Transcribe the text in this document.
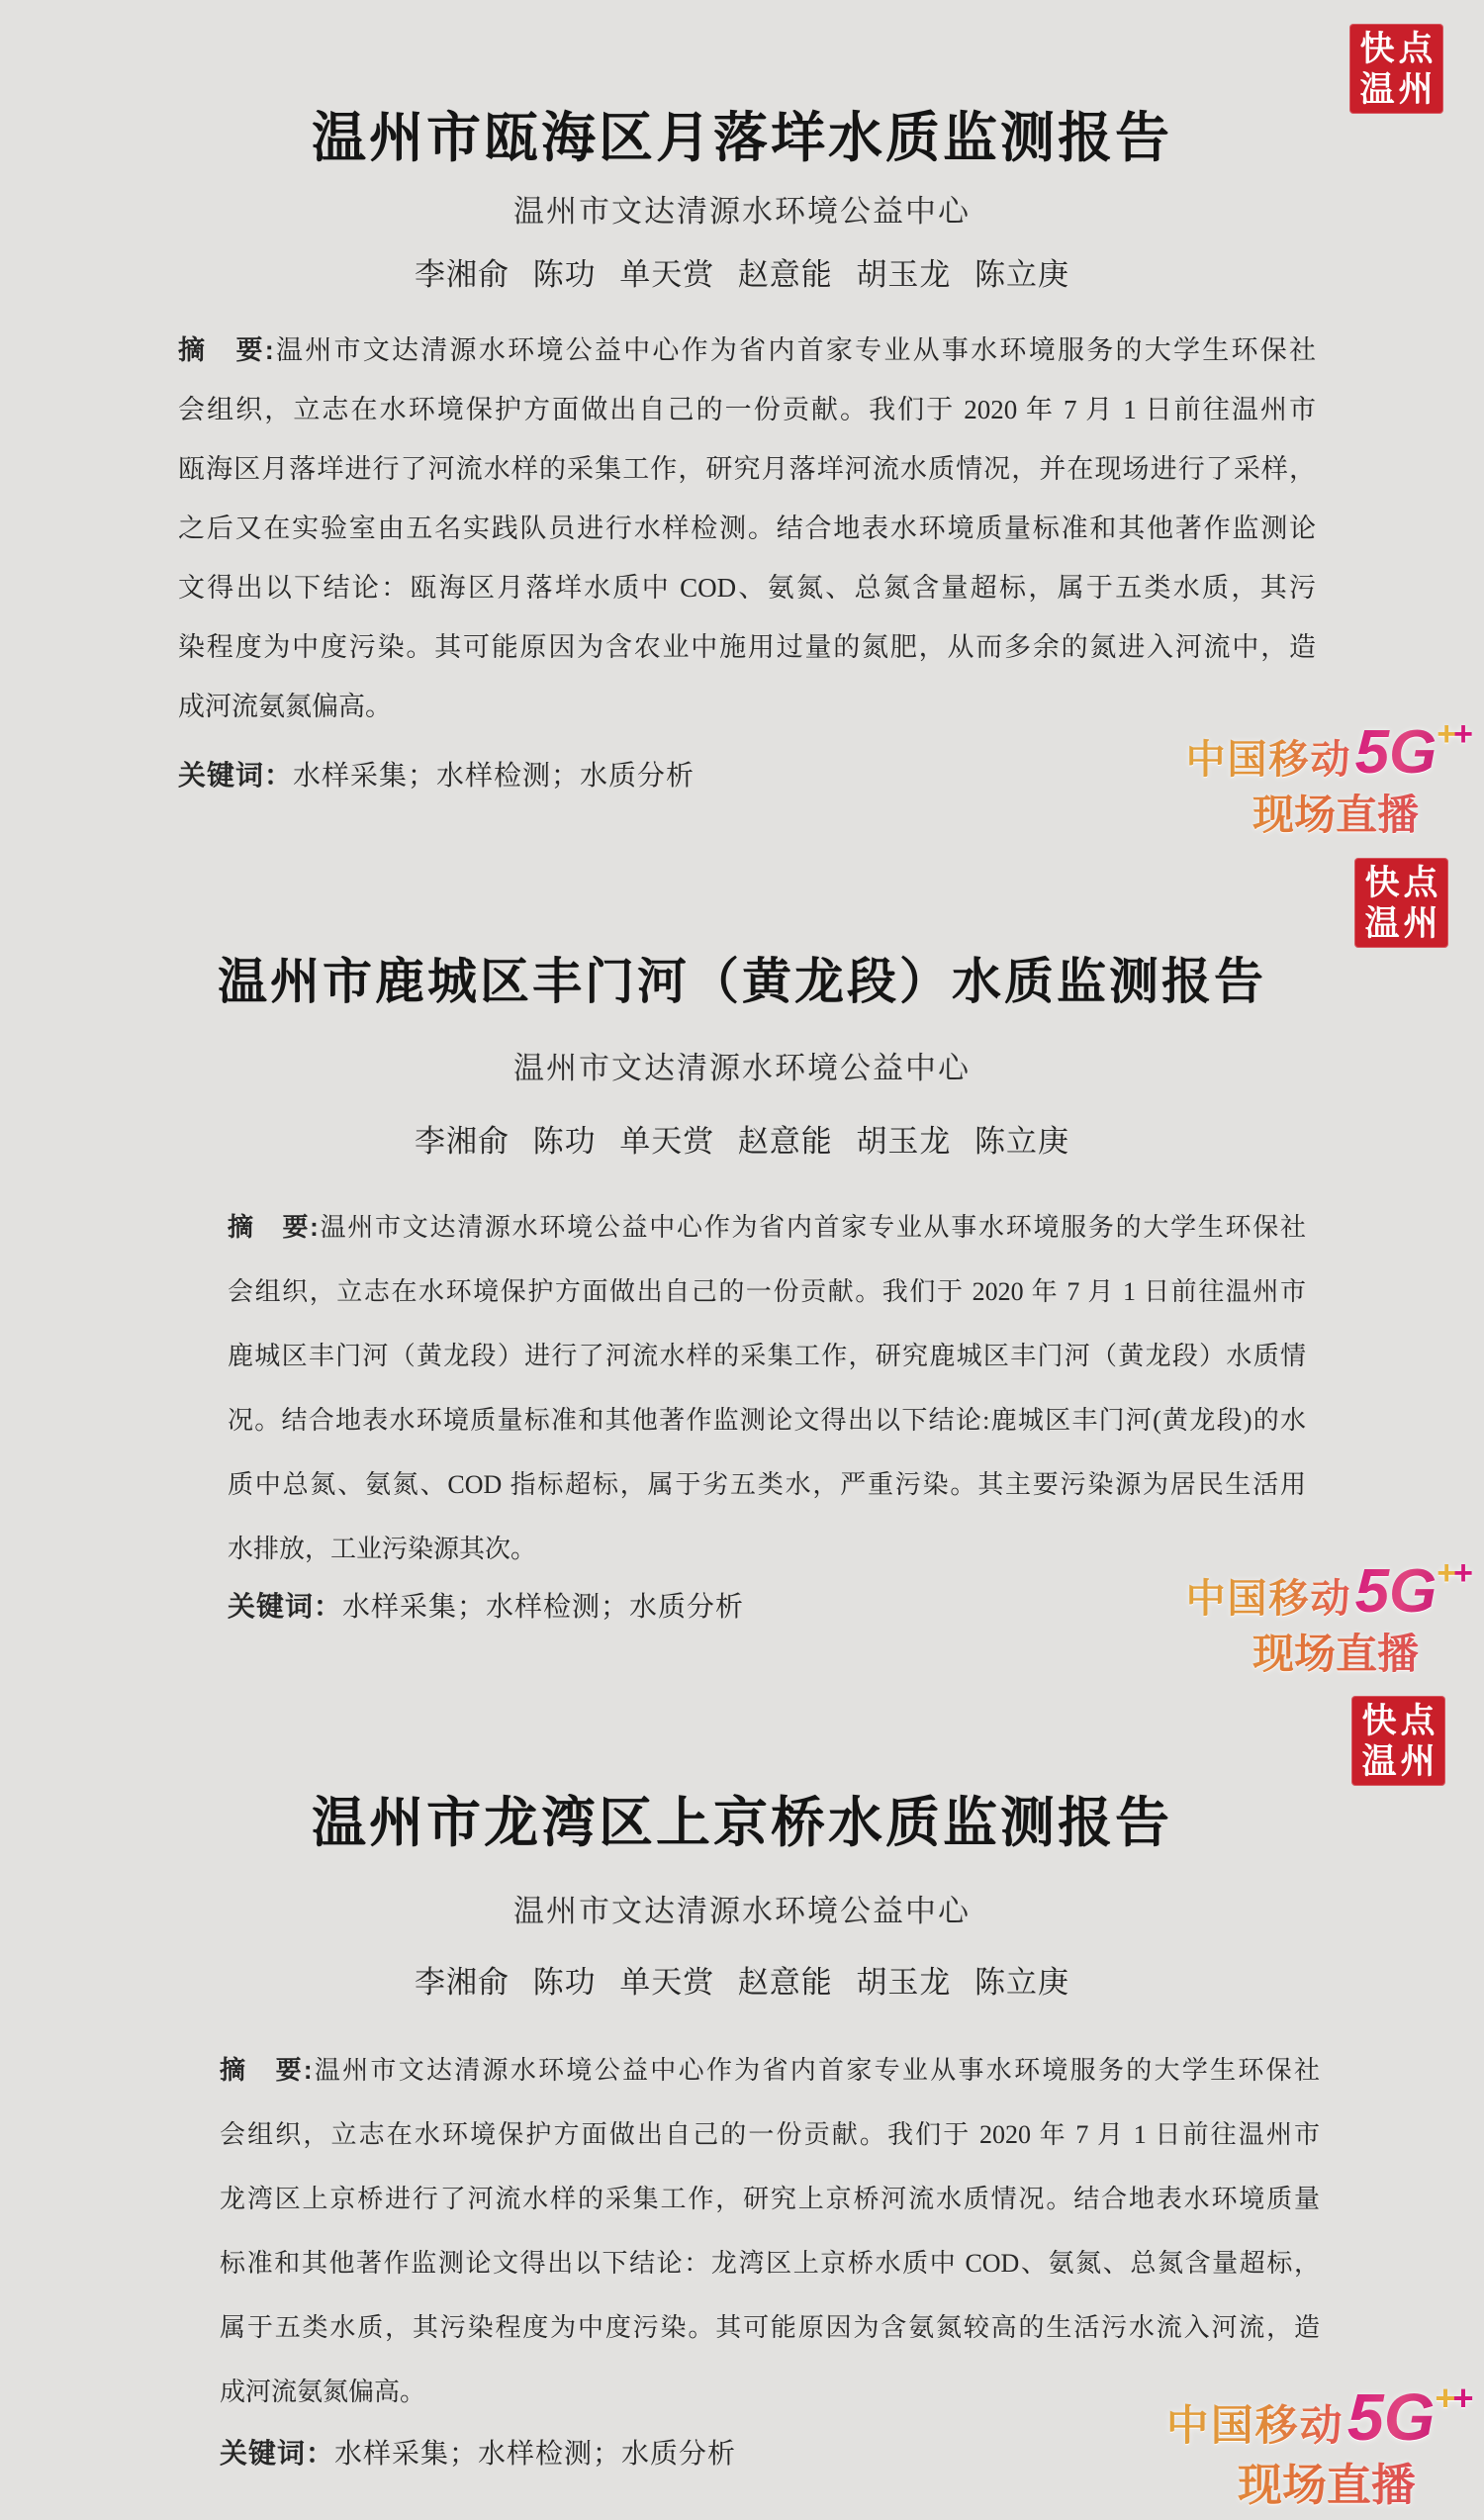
快点
温州
温州市瓯海区月落垟水质监测报告
温州市文达清源水环境公益中心
李湘俞 陈功 单天赏 赵意能 胡玉龙 陈立庚
摘　要:温州市文达清源水环境公益中心作为省内首家专业从事水环境服务的大学生环保社
会组织，立志在水环境保护方面做出自己的一份贡献。我们于 2020 年 7 月 1 日前往温州市
瓯海区月落垟进行了河流水样的采集工作，研究月落垟河流水质情况，并在现场进行了采样，
之后又在实验室由五名实践队员进行水样检测。结合地表水环境质量标准和其他著作监测论
文得出以下结论：瓯海区月落垟水质中 COD、氨氮、总氮含量超标，属于五类水质，其污
染程度为中度污染。其可能原因为含农业中施用过量的氮肥，从而多余的氮进入河流中，造
成河流氨氮偏高。
关键词：水样采集；水样检测；水质分析	中国移动5G++
现场直播
快点
温州
温州市鹿城区丰门河（黄龙段）水质监测报告
温州市文达清源水环境公益中心
李湘俞 陈功 单天赏 赵意能 胡玉龙 陈立庚
摘　要:温州市文达清源水环境公益中心作为省内首家专业从事水环境服务的大学生环保社
会组织，立志在水环境保护方面做出自己的一份贡献。我们于 2020 年 7 月 1 日前往温州市
鹿城区丰门河（黄龙段）进行了河流水样的采集工作，研究鹿城区丰门河（黄龙段）水质情
况。结合地表水环境质量标准和其他著作监测论文得出以下结论:鹿城区丰门河(黄龙段)的水
质中总氮、氨氮、COD 指标超标，属于劣五类水，严重污染。其主要污染源为居民生活用
水排放，工业污染源其次。
关键词：水样采集；水样检测；水质分析	中国移动5G++
现场直播
快点
温州
温州市龙湾区上京桥水质监测报告
温州市文达清源水环境公益中心
李湘俞 陈功 单天赏 赵意能 胡玉龙 陈立庚
摘　要:温州市文达清源水环境公益中心作为省内首家专业从事水环境服务的大学生环保社
会组织，立志在水环境保护方面做出自己的一份贡献。我们于 2020 年 7 月 1 日前往温州市
龙湾区上京桥进行了河流水样的采集工作，研究上京桥河流水质情况。结合地表水环境质量
标准和其他著作监测论文得出以下结论：龙湾区上京桥水质中 COD、氨氮、总氮含量超标，
属于五类水质，其污染程度为中度污染。其可能原因为含氨氮较高的生活污水流入河流，造
成河流氨氮偏高。
关键词：水样采集；水样检测；水质分析
中国移动5G++
现场直播
